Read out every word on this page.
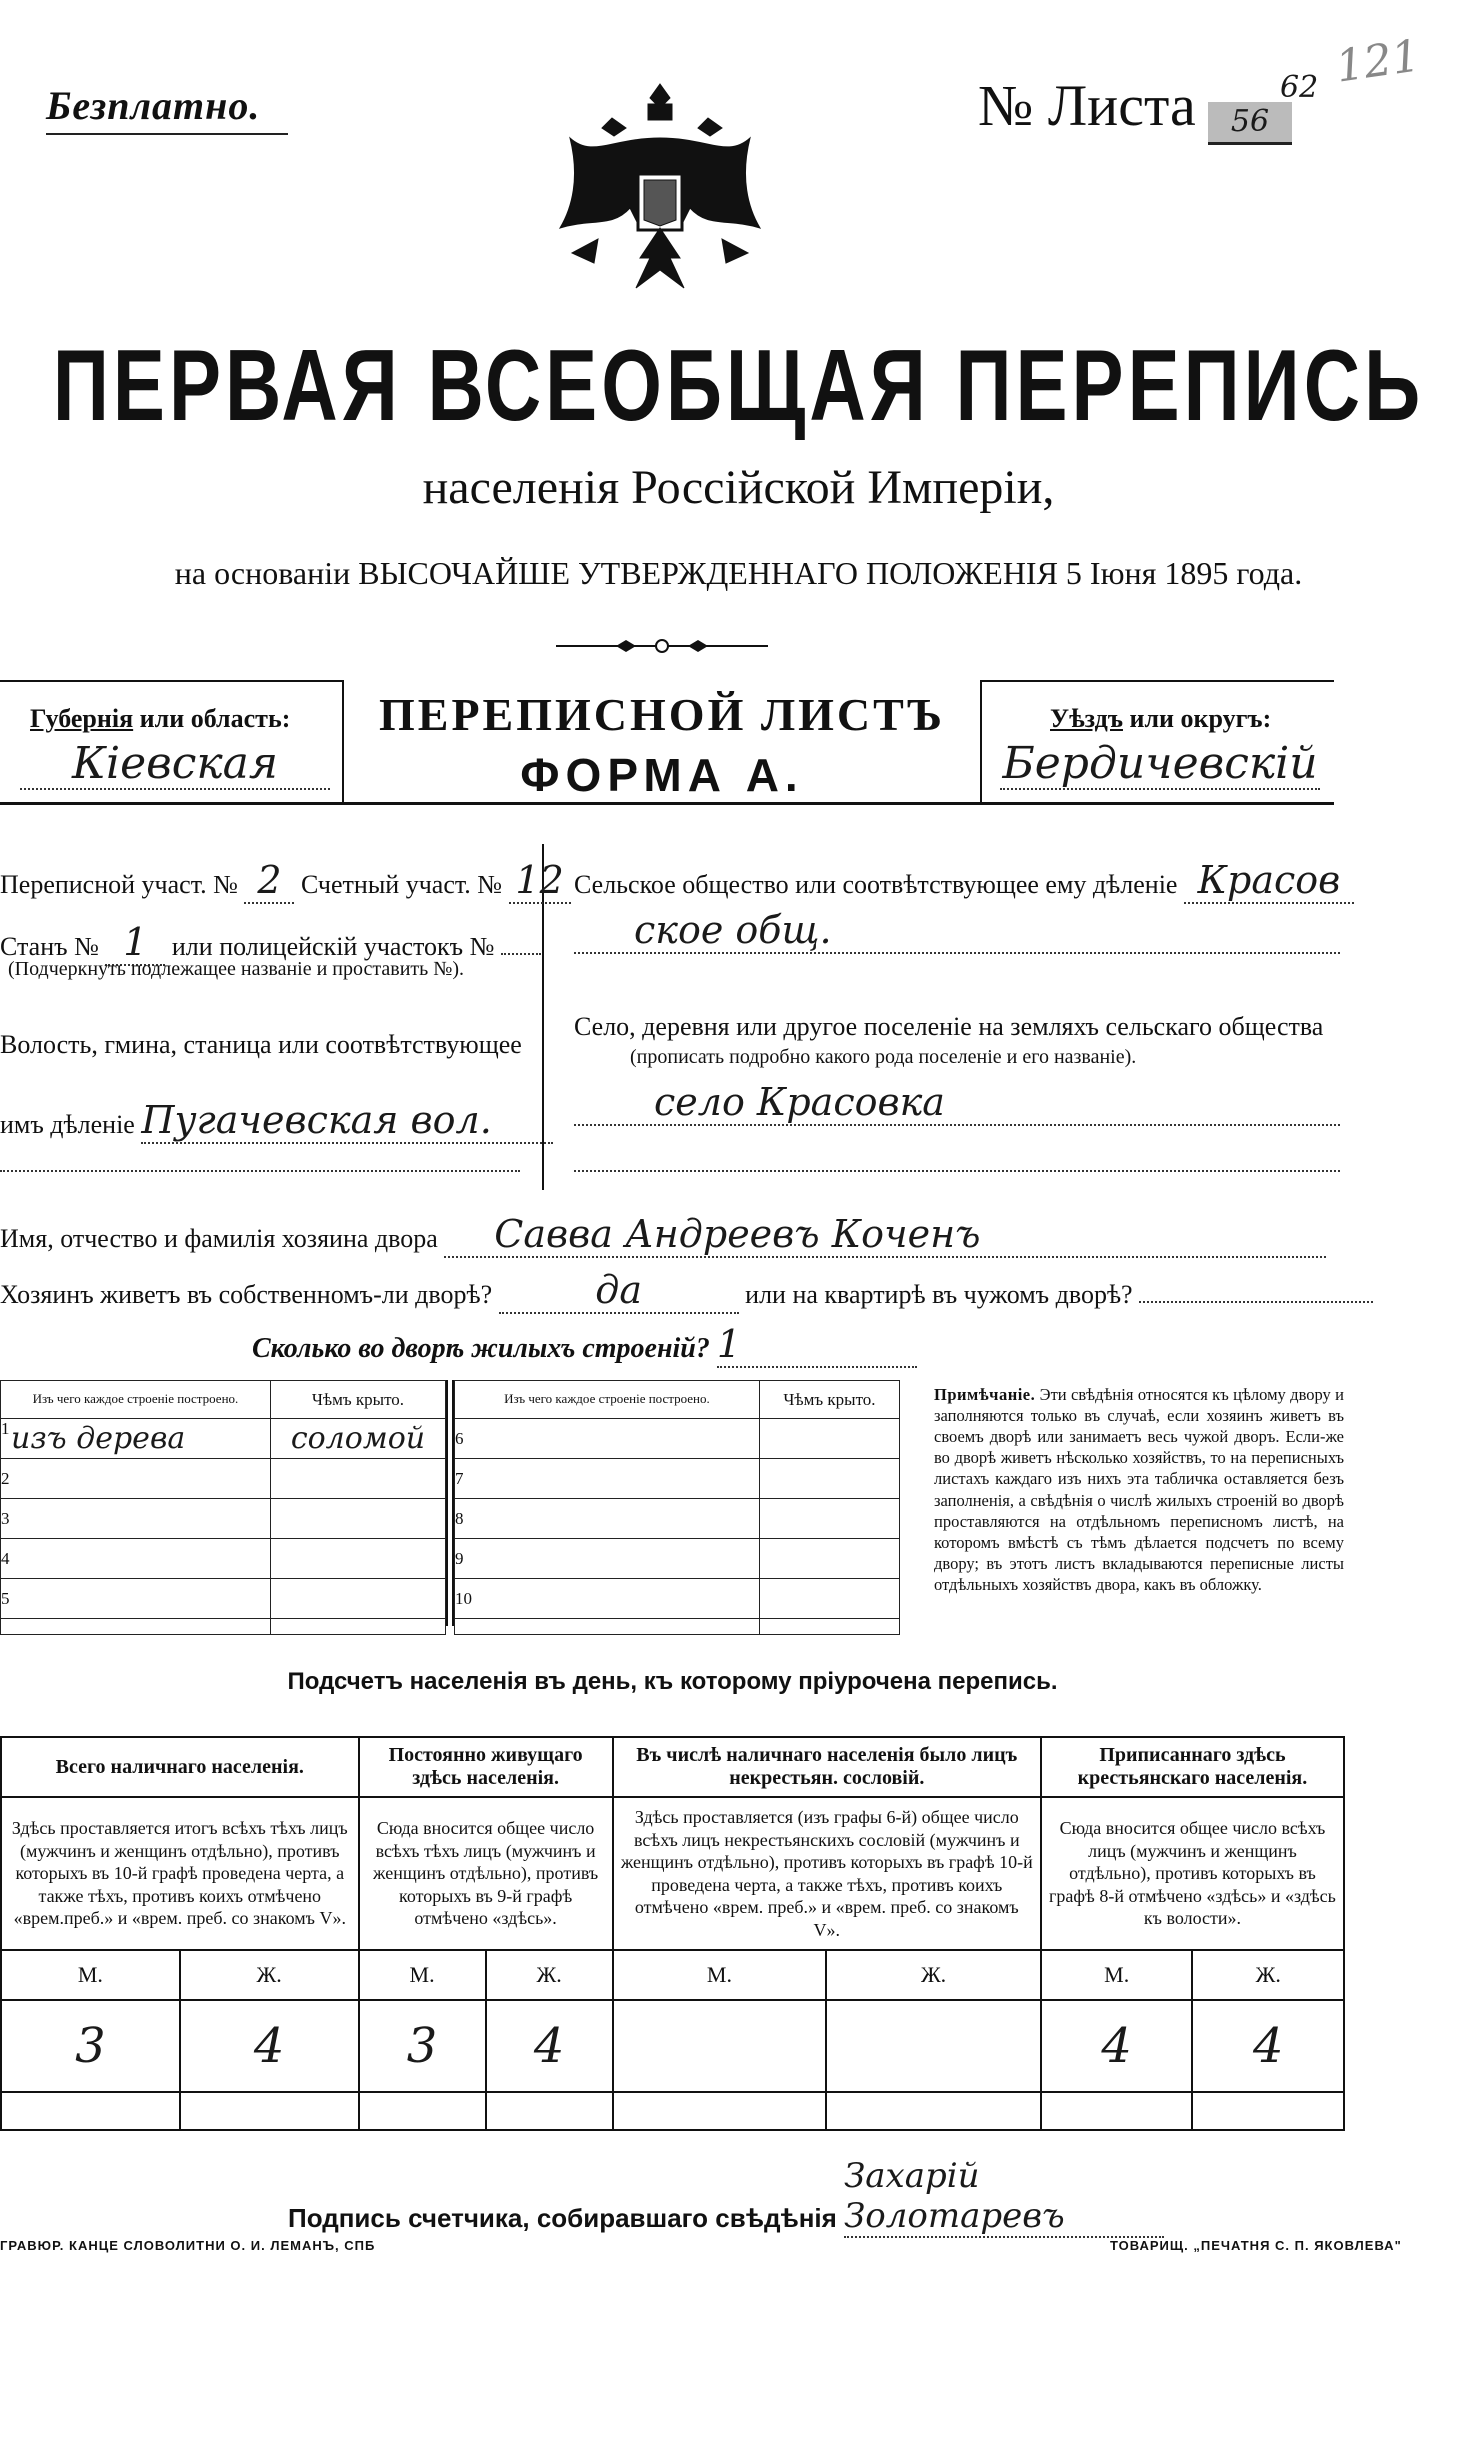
Безплатно.	№ Листа	56
62 121
ПЕРВАЯ ВСЕОБЩАЯ ПЕРЕПИСЬ
населенія Россійской Имперіи,
на основаніи ВЫСОЧАЙШЕ УТВЕРЖДЕННАГО ПОЛОЖЕНІЯ 5 Іюня 1895 года.
Губернія или область:
Кіевская
ПЕРЕПИСНОЙ ЛИСТЪ
ФОРМА А.
Уѣздъ или округъ:
Бердичевскій
Переписной участ. № 2 Счетный участ. № 12
Станъ № 1 или полицейскій участокъ №
(Подчеркнуть подлежащее названіе и проставить №).
Волость, гмина, станица или соотвѣтствующее
имъ дѣленіе Пугачевская вол.
Сельское общество или соотвѣтствующее ему дѣленіе Красов
ское общ.
Село, деревня или другое поселеніе на земляхъ сельскаго общества
(прописать подробно какого рода поселеніе и его названіе).
село Красовка
Имя, отчество и фамилія хозяина двора Савва Андреевъ Коченъ
Хозяинъ живетъ въ собственномъ-ли дворѣ?	да	или на квартирѣ въ чужомъ дворѣ?
Сколько во дворѣ жилыхъ строеній? 1
Изъ чего каждое строеніе построено.		Чѣмъ крыто.
1	изъ дерева	соломой
2		
3		
4		
5		

Изъ чего каждое строеніе построено.		Чѣмъ крыто.
6		
7		
8		
9		
10		

Примѣчаніе. Эти свѣдѣнія относятся къ цѣлому двору и заполняются только въ случаѣ, если хозяинъ живетъ въ своемъ дворѣ или занимаетъ весь чужой дворъ. Если-же во дворѣ живетъ нѣсколько хозяйствъ, то на переписныхъ листахъ каждаго изъ нихъ эта табличка оставляется безъ заполненія, а свѣдѣнія о числѣ жилыхъ строеній во дворѣ проставляются на отдѣльномъ переписномъ листѣ, на которомъ вмѣстѣ съ тѣмъ дѣлается подсчетъ по всему двору; въ этотъ листъ вкладываются переписные листы отдѣльныхъ хозяйствъ двора, какъ въ обложку.
Подсчетъ населенія въ день, къ которому пріурочена перепись.
Всего наличнаго населенія.		Постоянно живущаго здѣсь населенія.		Въ числѣ наличнаго населенія было лицъ некрестьян. сословій.		Приписаннаго здѣсь крестьянскаго населенія.	
Здѣсь проставляется итогъ всѣхъ тѣхъ лицъ (мужчинъ и женщинъ отдѣльно), противъ которыхъ въ 10-й графѣ проведена черта, а также тѣхъ, противъ коихъ отмѣчено «врем.преб.» и «врем. преб. со знакомъ V».		Сюда вносится общее число всѣхъ тѣхъ лицъ (мужчинъ и женщинъ отдѣльно), противъ которыхъ въ 9-й графѣ отмѣчено «здѣсь».		Здѣсь проставляется (изъ графы 6-й) общее число всѣхъ лицъ некрестьянскихъ сословій (мужчинъ и женщинъ отдѣльно), противъ которыхъ въ графѣ 10-й проведена черта, а также тѣхъ, противъ коихъ отмѣчено «врем. преб.» и «врем. преб. со знакомъ V».		Сюда вносится общее число всѣхъ лицъ (мужчинъ и женщинъ отдѣльно), противъ которыхъ въ графѣ 8-й отмѣчено «здѣсь» и «здѣсь къ волости».	
М.	Ж.	М.	Ж.	М.	Ж.	М.	Ж.
3	4	3	4			4	4

Подпись счетчика, собиравшаго свѣдѣнія Захарій Золотаревъ
ГРАВЮР. КАНЦЕ СЛОВОЛИТНИ О. И. ЛЕМАНЪ, СПБ	ТОВАРИЩ. „ПЕЧАТНЯ С. П. ЯКОВЛЕВА"
